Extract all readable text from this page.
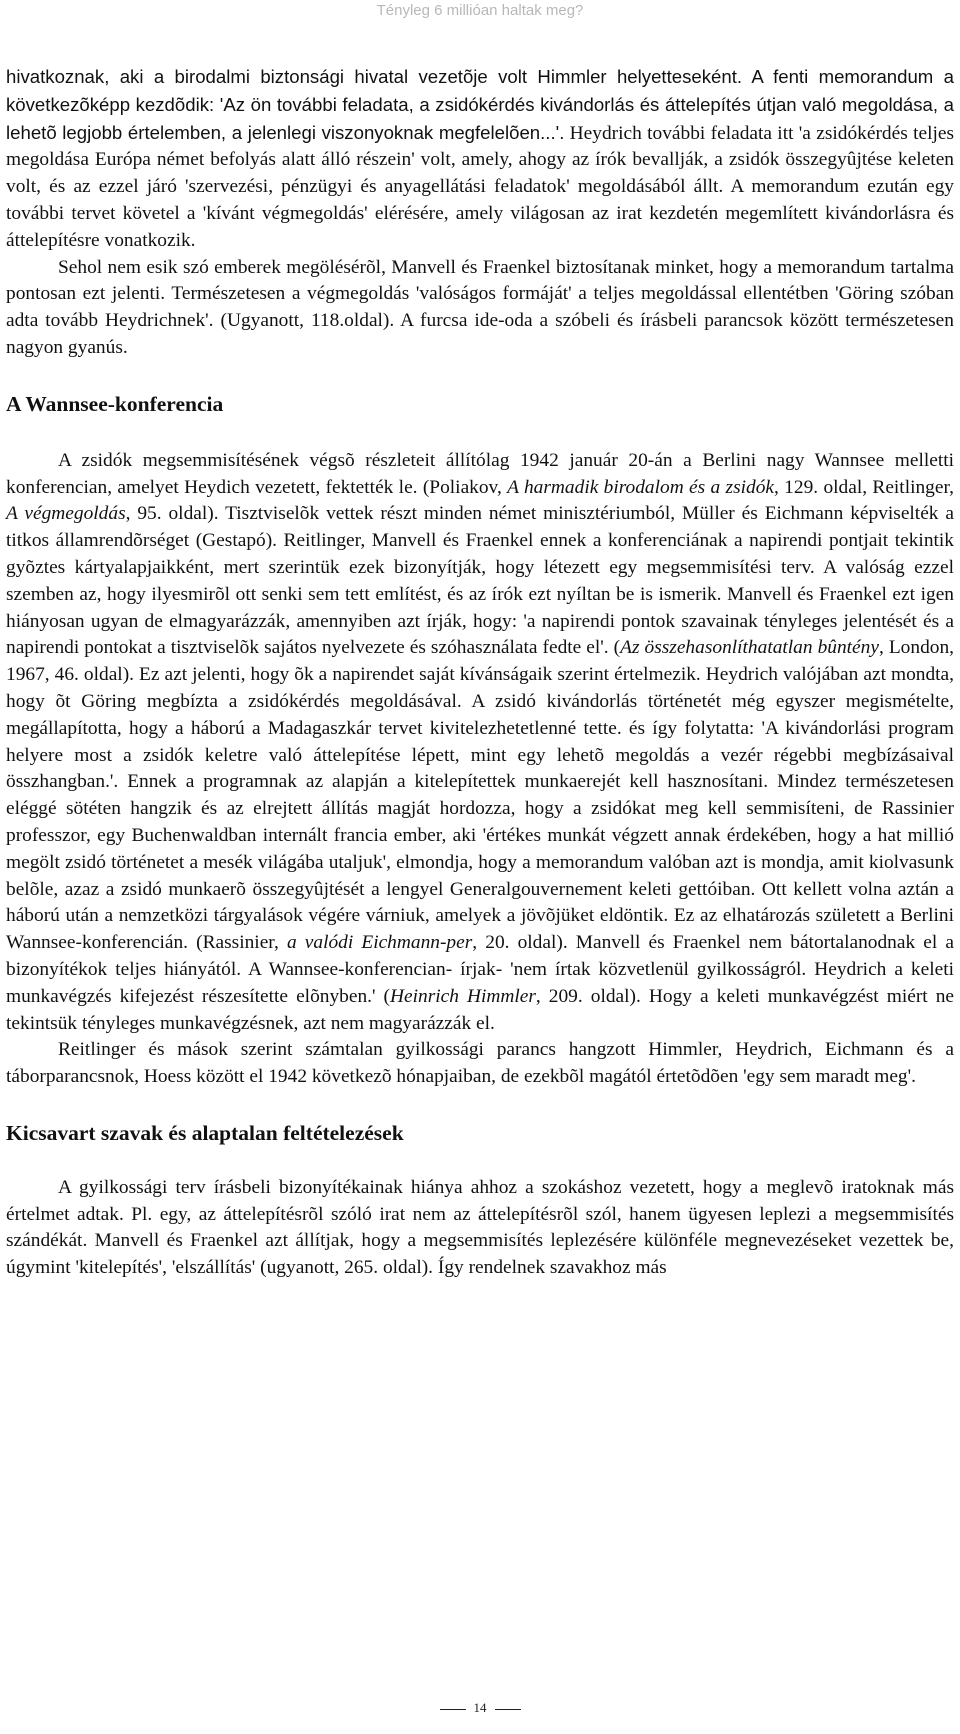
Tényleg 6 millióan haltak meg?

hivatkoznak, aki a birodalmi biztonsági hivatal vezetõje volt Himmler helyetteseként. A fenti memorandum a következõképp kezdõdik: 'Az ön további feladata, a zsidókérdés kivándorlás és áttelepítés útjan való megoldása, a lehetõ legjobb értelemben, a jelenlegi viszonyoknak megfelelõen...'. Heydrich további feladata itt 'a zsidókérdés teljes megoldása Európa német befolyás alatt álló részein' volt, amely, ahogy az írók bevallják, a zsidók összegyûjtése keleten volt, és az ezzel járó 'szervezési, pénzügyi és anyagellátási feladatok' megoldásából állt. A memorandum ezután egy további tervet követel a 'kívánt végmegoldás' elérésére, amely világosan az irat kezdetén megemlített kivándorlásra és áttelepítésre vonatkozik.

Sehol nem esik szó emberek megölésérõl, Manvell és Fraenkel biztosítanak minket, hogy a memorandum tartalma pontosan ezt jelenti. Természetesen a végmegoldás 'valóságos formáját' a teljes megoldással ellentétben 'Göring szóban adta tovább Heydrichnek'. (Ugyanott, 118.oldal). A furcsa ide-oda a szóbeli és írásbeli parancsok között természetesen nagyon gyanús.

A Wannsee-konferencia

A zsidók megsemmisítésének végsõ részleteit állítólag 1942 január 20-án a Berlini nagy Wannsee melletti konferencian, amelyet Heydich vezetett, fektették le. (Poliakov, A harmadik birodalom és a zsidók, 129. oldal, Reitlinger, A végmegoldás, 95. oldal). Tisztviselõk vettek részt minden német minisztériumból, Müller és Eichmann képviselték a titkos államrendõrséget (Gestapó). Reitlinger, Manvell és Fraenkel ennek a konferenciának a napirendi pontjait tekintik gyõztes kártyalapjaikként, mert szerintük ezek bizonyítják, hogy létezett egy megsemmisítési terv. A valóság ezzel szemben az, hogy ilyesmirõl ott senki sem tett említést, és az írók ezt nyíltan be is ismerik. Manvell és Fraenkel ezt igen hiányosan ugyan de elmagyarázzák, amennyiben azt írják, hogy: 'a napirendi pontok szavainak tényleges jelentését és a napirendi pontokat a tisztviselõk sajátos nyelvezete és szóhasználata fedte el'. (Az összehasonlíthatatlan bûntény, London, 1967, 46. oldal). Ez azt jelenti, hogy õk a napirendet saját kívánságaik szerint értelmezik. Heydrich valójában azt mondta, hogy õt Göring megbízta a zsidókérdés megoldásával. A zsidó kivándorlás történetét még egyszer megismételte, megállapította, hogy a háború a Madagaszkár tervet kivitelezhetetlenné tette. és így folytatta: 'A kivándorlási program helyere most a zsidók keletre való áttelepítése lépett, mint egy lehetõ megoldás a vezér régebbi megbízásaival összhangban.'. Ennek a programnak az alapján a kitelepítettek munkaerejét kell hasznosítani. Mindez természetesen eléggé sötéten hangzik és az elrejtett állítás magját hordozza, hogy a zsidókat meg kell semmisíteni, de Rassinier professzor, egy Buchenwaldban internált francia ember, aki 'értékes munkát végzett annak érdekében, hogy a hat millió megölt zsidó történetet a mesék világába utaljuk', elmondja, hogy a memorandum valóban azt is mondja, amit kiolvasunk belõle, azaz a zsidó munkaerõ összegyûjtését a lengyel Generalgouvernement keleti gettóiban. Ott kellett volna aztán a háború után a nemzetközi tárgyalások végére várniuk, amelyek a jövõjüket eldöntik. Ez az elhatározás született a Berlini Wannsee-konferencián. (Rassinier, a valódi Eichmann-per, 20. oldal). Manvell és Fraenkel nem bátortalanodnak el a bizonyítékok teljes hiányától. A Wannsee-konferencian- írjak- 'nem írtak közvetlenül gyilkosságról. Heydrich a keleti munkavégzés kifejezést részesítette elõnyben.' (Heinrich Himmler, 209. oldal). Hogy a keleti munkavégzést miért ne tekintsük tényleges munkavégzésnek, azt nem magyarázzák el.

Reitlinger és mások szerint számtalan gyilkossági parancs hangzott Himmler, Heydrich, Eichmann és a táborparancsnok, Hoess között el 1942 következõ hónapjaiban, de ezekbõl magától értetõdõen 'egy sem maradt meg'.

Kicsavart szavak és alaptalan feltételezések

A gyilkossági terv írásbeli bizonyítékainak hiánya ahhoz a szokáshoz vezetett, hogy a meglevõ iratoknak más értelmet adtak. Pl. egy, az áttelepítésrõl szóló irat nem az áttelepítésrõl szól, hanem ügyesen leplezi a megsemmisítés szándékát. Manvell és Fraenkel azt állítjak, hogy a megsemmisítés leplezésére különféle megnevezéseket vezettek be, úgymint 'kitelepítés', 'elszállítás' (ugyanott, 265. oldal). Így rendelnek szavakhoz más

14
